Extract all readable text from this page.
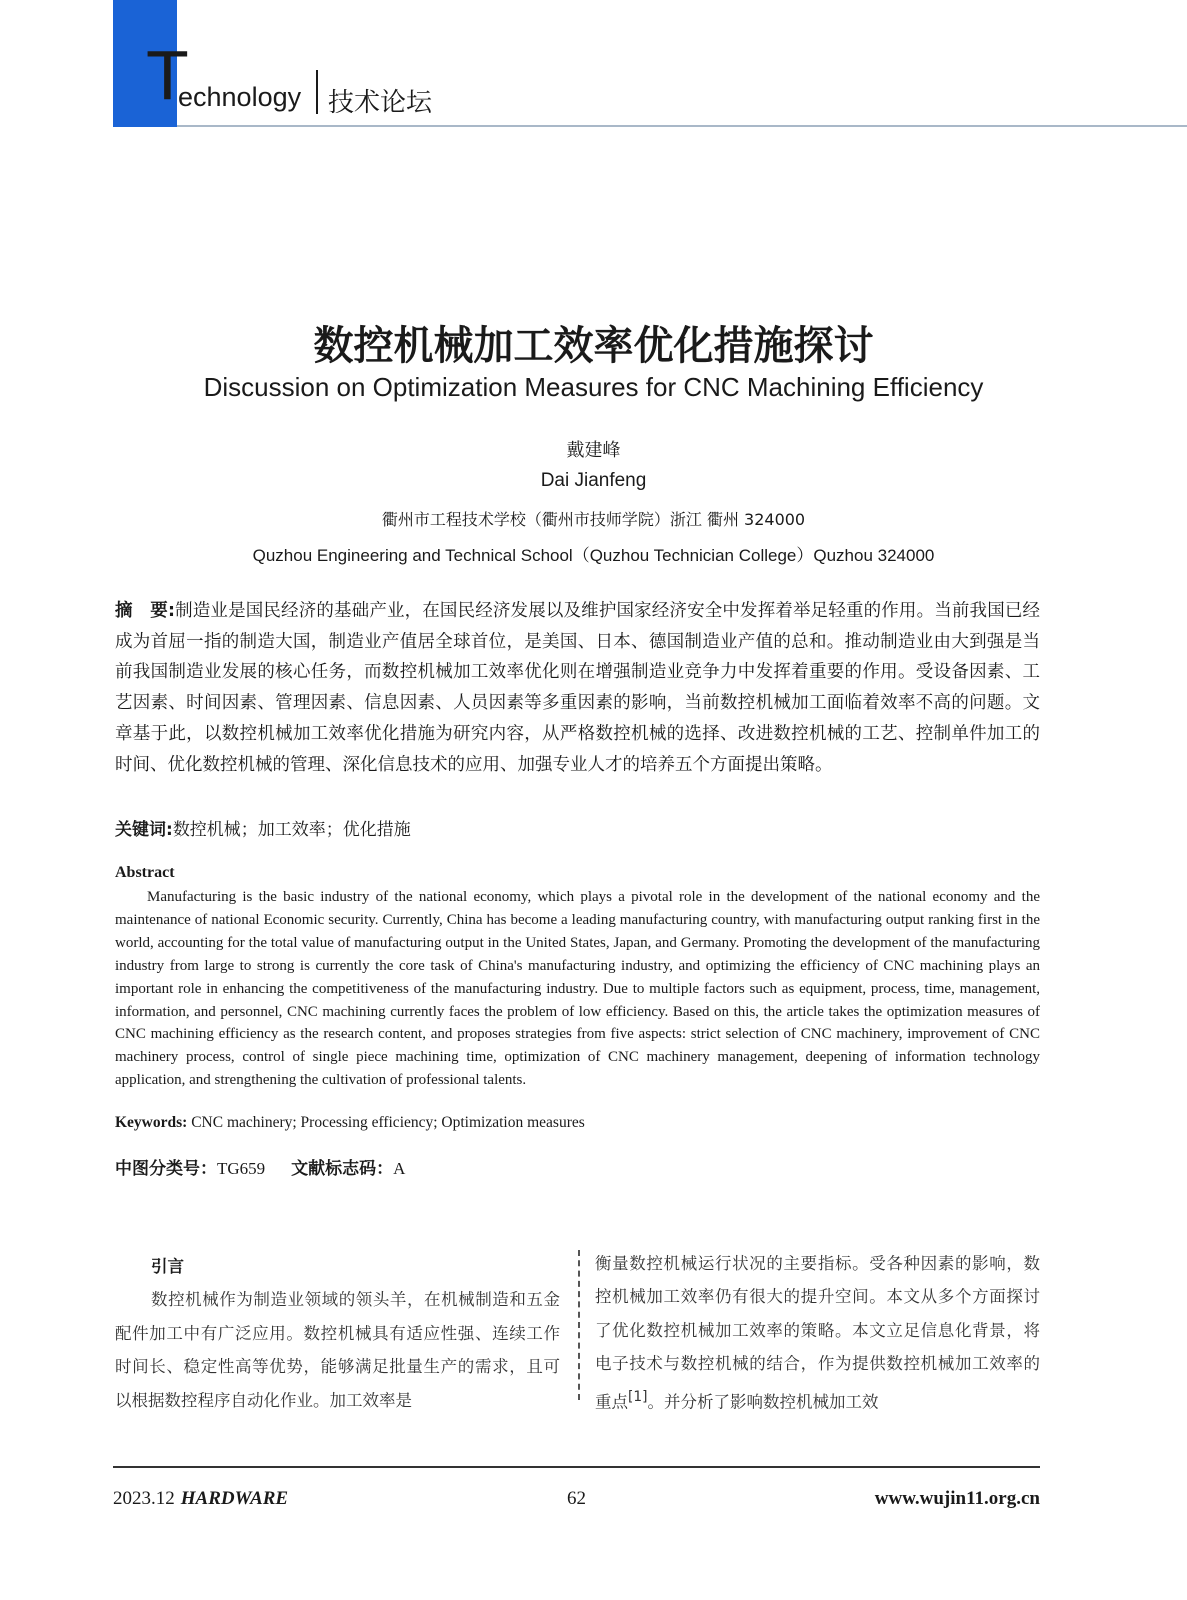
T
echnology 技术论坛
数控机械加工效率优化措施探讨
Discussion on Optimization Measures for CNC Machining Efficiency
戴建峰
Dai Jianfeng
衢州市工程技术学校（衢州市技师学院）浙江 衢州 324000
Quzhou Engineering and Technical School（Quzhou Technician College）Quzhou 324000
摘　要:制造业是国民经济的基础产业，在国民经济发展以及维护国家经济安全中发挥着举足轻重的作用。当前我国已经成为首屈一指的制造大国，制造业产值居全球首位，是美国、日本、德国制造业产值的总和。推动制造业由大到强是当前我国制造业发展的核心任务，而数控机械加工效率优化则在增强制造业竞争力中发挥着重要的作用。受设备因素、工艺因素、时间因素、管理因素、信息因素、人员因素等多重因素的影响，当前数控机械加工面临着效率不高的问题。文章基于此，以数控机械加工效率优化措施为研究内容，从严格数控机械的选择、改进数控机械的工艺、控制单件加工的时间、优化数控机械的管理、深化信息技术的应用、加强专业人才的培养五个方面提出策略。
关键词:数控机械；加工效率；优化措施
Abstract
Manufacturing is the basic industry of the national economy, which plays a pivotal role in the development of the national economy and the maintenance of national Economic security. Currently, China has become a leading manufacturing country, with manufacturing output ranking first in the world, accounting for the total value of manufacturing output in the United States, Japan, and Germany. Promoting the development of the manufacturing industry from large to strong is currently the core task of China's manufacturing industry, and optimizing the efficiency of CNC machining plays an important role in enhancing the competitiveness of the manufacturing industry. Due to multiple factors such as equipment, process, time, management, information, and personnel, CNC machining currently faces the problem of low efficiency. Based on this, the article takes the optimization measures of CNC machining efficiency as the research content, and proposes strategies from five aspects: strict selection of CNC machinery, improvement of CNC machinery process, control of single piece machining time, optimization of CNC machinery management, deepening of information technology application, and strengthening the cultivation of professional talents.
Keywords: CNC machinery; Processing efficiency; Optimization measures
中图分类号：TG659 文献标志码：A
引言

数控机械作为制造业领域的领头羊，在机械制造和五金配件加工中有广泛应用。数控机械具有适应性强、连续工作时间长、稳定性高等优势，能够满足批量生产的需求，且可以根据数控程序自动化作业。加工效率是

衡量数控机械运行状况的主要指标。受各种因素的影响，数控机械加工效率仍有很大的提升空间。本文从多个方面探讨了优化数控机械加工效率的策略。本文立足信息化背景，将电子技术与数控机械的结合，作为提供数控机械加工效率的重点[1]。并分析了影响数控机械加工效

2023.12 HARDWARE	62	www.wujin11.org.cn
